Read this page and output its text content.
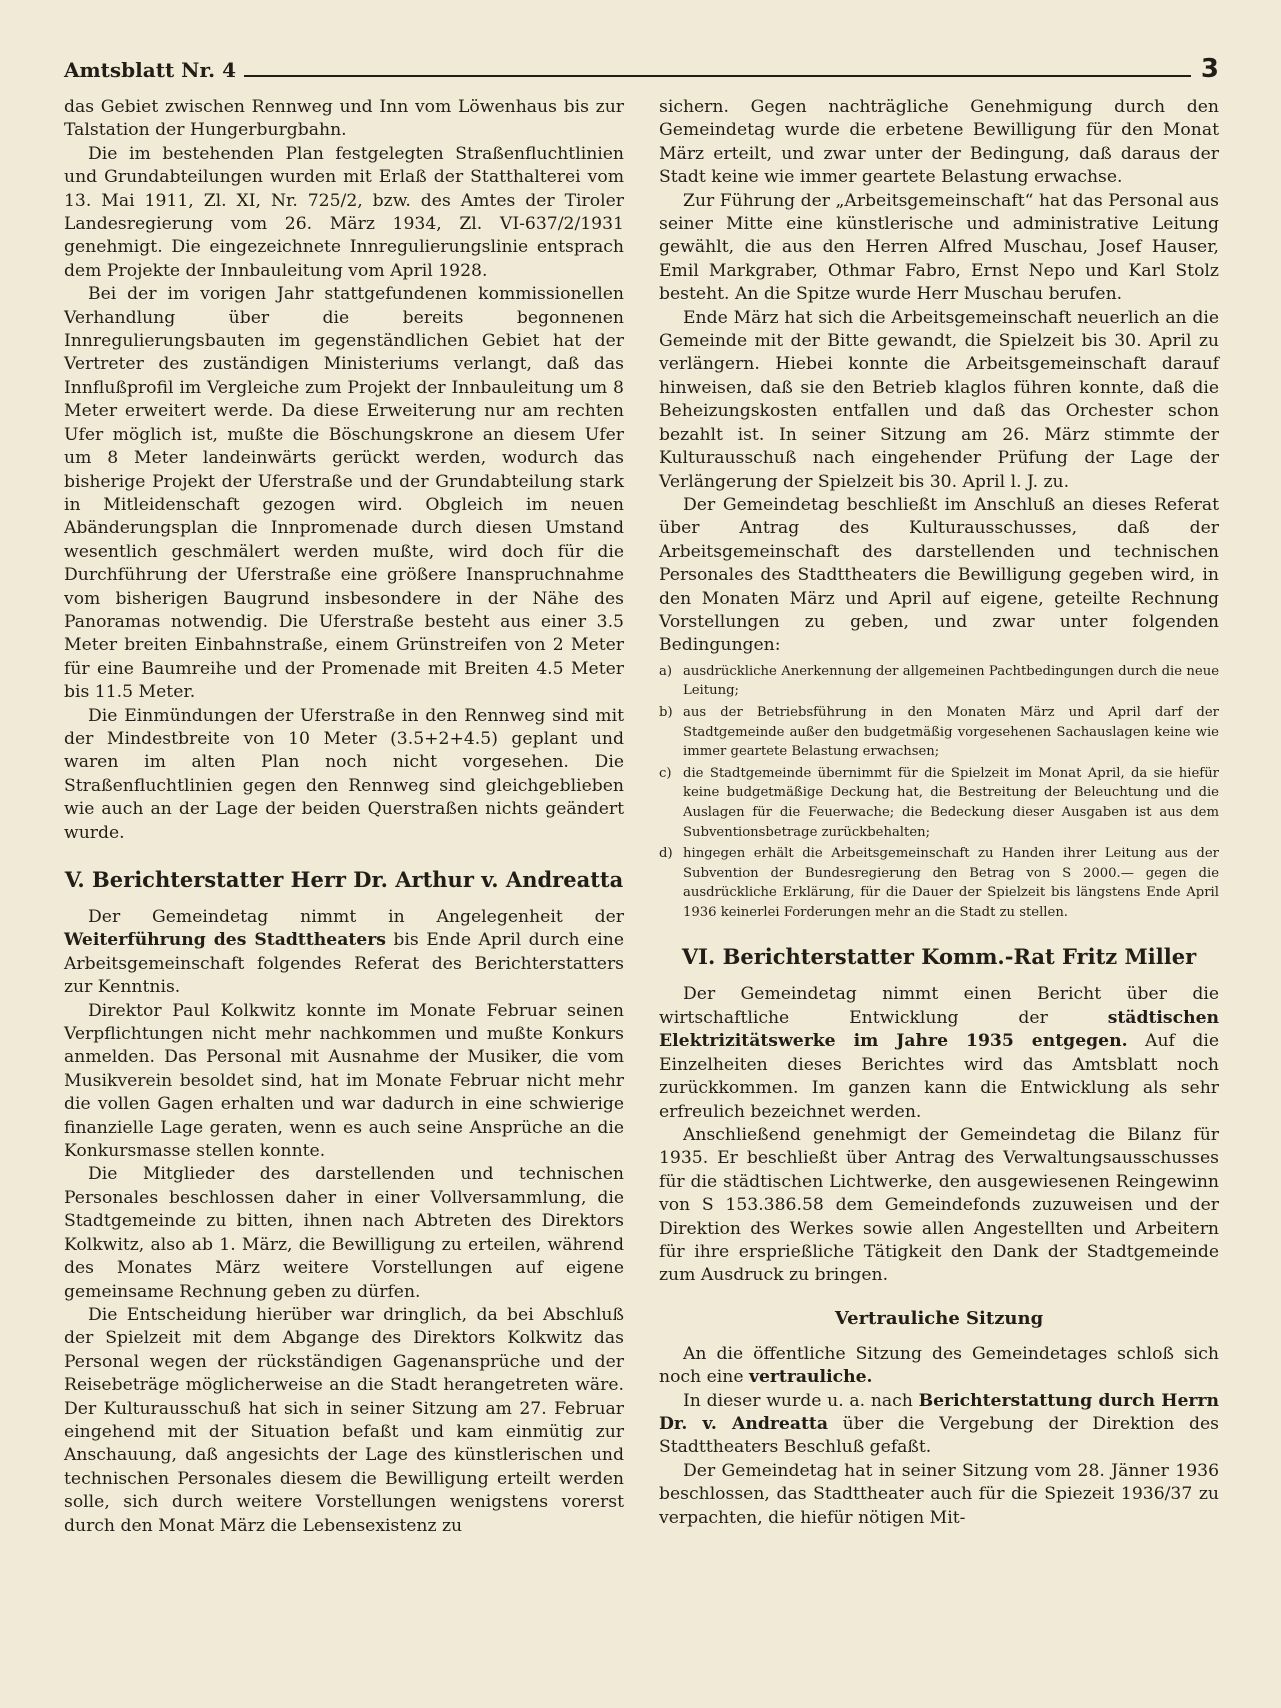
Amtsblatt Nr. 4	3

das Gebiet zwischen Rennweg und Inn vom Löwenhaus bis zur Talstation der Hungerburgbahn.

Die im bestehenden Plan festgelegten Straßenfluchtlinien und Grundabteilungen wurden mit Erlaß der Statthalterei vom 13. Mai 1911, Zl. XI, Nr. 725/2, bzw. des Amtes der Tiroler Landesregierung vom 26. März 1934, Zl. VI-637/2/1931 genehmigt. Die eingezeichnete Innregulierungslinie entsprach dem Projekte der Innbauleitung vom April 1928.

Bei der im vorigen Jahr stattgefundenen kommissionellen Verhandlung über die bereits begonnenen Innregulierungsbauten im gegenständlichen Gebiet hat der Vertreter des zuständigen Ministeriums verlangt, daß das Innflußprofil im Vergleiche zum Projekt der Innbauleitung um 8 Meter erweitert werde. Da diese Erweiterung nur am rechten Ufer möglich ist, mußte die Böschungskrone an diesem Ufer um 8 Meter landeinwärts gerückt werden, wodurch das bisherige Projekt der Uferstraße und der Grundabteilung stark in Mitleidenschaft gezogen wird. Obgleich im neuen Abänderungsplan die Innpromenade durch diesen Umstand wesentlich geschmälert werden mußte, wird doch für die Durchführung der Uferstraße eine größere Inanspruchnahme vom bisherigen Baugrund insbesondere in der Nähe des Panoramas notwendig. Die Uferstraße besteht aus einer 3.5 Meter breiten Einbahnstraße, einem Grünstreifen von 2 Meter für eine Baumreihe und der Promenade mit Breiten 4.5 Meter bis 11.5 Meter.

Die Einmündungen der Uferstraße in den Rennweg sind mit der Mindestbreite von 10 Meter (3.5+2+4.5) geplant und waren im alten Plan noch nicht vorgesehen. Die Straßenfluchtlinien gegen den Rennweg sind gleichgeblieben wie auch an der Lage der beiden Querstraßen nichts geändert wurde.

V. Berichterstatter Herr Dr. Arthur v. Andreatta

Der Gemeindetag nimmt in Angelegenheit der Weiterführung des Stadttheaters bis Ende April durch eine Arbeitsgemeinschaft folgendes Referat des Berichterstatters zur Kenntnis.

Direktor Paul Kolkwitz konnte im Monate Februar seinen Verpflichtungen nicht mehr nachkommen und mußte Konkurs anmelden. Das Personal mit Ausnahme der Musiker, die vom Musikverein besoldet sind, hat im Monate Februar nicht mehr die vollen Gagen erhalten und war dadurch in eine schwierige finanzielle Lage geraten, wenn es auch seine Ansprüche an die Konkursmasse stellen konnte.

Die Mitglieder des darstellenden und technischen Personales beschlossen daher in einer Vollversammlung, die Stadtgemeinde zu bitten, ihnen nach Abtreten des Direktors Kolkwitz, also ab 1. März, die Bewilligung zu erteilen, während des Monates März weitere Vorstellungen auf eigene gemeinsame Rechnung geben zu dürfen.

Die Entscheidung hierüber war dringlich, da bei Abschluß der Spielzeit mit dem Abgange des Direktors Kolkwitz das Personal wegen der rückständigen Gagenansprüche und der Reisebeträge möglicherweise an die Stadt herangetreten wäre. Der Kulturausschuß hat sich in seiner Sitzung am 27. Februar eingehend mit der Situation befaßt und kam einmütig zur Anschauung, daß angesichts der Lage des künstlerischen und technischen Personales diesem die Bewilligung erteilt werden solle, sich durch weitere Vorstellungen wenigstens vorerst durch den Monat März die Lebensexistenz zu

sichern. Gegen nachträgliche Genehmigung durch den Gemeindetag wurde die erbetene Bewilligung für den Monat März erteilt, und zwar unter der Bedingung, daß daraus der Stadt keine wie immer geartete Belastung erwachse.

Zur Führung der „Arbeitsgemeinschaft“ hat das Personal aus seiner Mitte eine künstlerische und administrative Leitung gewählt, die aus den Herren Alfred Muschau, Josef Hauser, Emil Markgraber, Othmar Fabro, Ernst Nepo und Karl Stolz besteht. An die Spitze wurde Herr Muschau berufen.

Ende März hat sich die Arbeitsgemeinschaft neuerlich an die Gemeinde mit der Bitte gewandt, die Spielzeit bis 30. April zu verlängern. Hiebei konnte die Arbeitsgemeinschaft darauf hinweisen, daß sie den Betrieb klaglos führen konnte, daß die Beheizungskosten entfallen und daß das Orchester schon bezahlt ist. In seiner Sitzung am 26. März stimmte der Kulturausschuß nach eingehender Prüfung der Lage der Verlängerung der Spielzeit bis 30. April l. J. zu.

Der Gemeindetag beschließt im Anschluß an dieses Referat über Antrag des Kulturausschusses, daß der Arbeitsgemeinschaft des darstellenden und technischen Personales des Stadttheaters die Bewilligung gegeben wird, in den Monaten März und April auf eigene, geteilte Rechnung Vorstellungen zu geben, und zwar unter folgenden Bedingungen:

a) ausdrückliche Anerkennung der allgemeinen Pachtbedingungen durch die neue Leitung;
b) aus der Betriebsführung in den Monaten März und April darf der Stadtgemeinde außer den budgetmäßig vorgesehenen Sachauslagen keine wie immer geartete Belastung erwachsen;
c) die Stadtgemeinde übernimmt für die Spielzeit im Monat April, da sie hiefür keine budgetmäßige Deckung hat, die Bestreitung der Beleuchtung und die Auslagen für die Feuerwache; die Bedeckung dieser Ausgaben ist aus dem Subventionsbetrage zurückbehalten;
d) hingegen erhält die Arbeitsgemeinschaft zu Handen ihrer Leitung aus der Subvention der Bundesregierung den Betrag von S 2000.— gegen die ausdrückliche Erklärung, für die Dauer der Spielzeit bis längstens Ende April 1936 keinerlei Forderungen mehr an die Stadt zu stellen.
VI. Berichterstatter Komm.-Rat Fritz Miller

Der Gemeindetag nimmt einen Bericht über die wirtschaftliche Entwicklung der städtischen Elektrizitätswerke im Jahre 1935 entgegen. Auf die Einzelheiten dieses Berichtes wird das Amtsblatt noch zurückkommen. Im ganzen kann die Entwicklung als sehr erfreulich bezeichnet werden.

Anschließend genehmigt der Gemeindetag die Bilanz für 1935. Er beschließt über Antrag des Verwaltungsausschusses für die städtischen Lichtwerke, den ausgewiesenen Reingewinn von S 153.386.58 dem Gemeindefonds zuzuweisen und der Direktion des Werkes sowie allen Angestellten und Arbeitern für ihre ersprießliche Tätigkeit den Dank der Stadtgemeinde zum Ausdruck zu bringen.

Vertrauliche Sitzung

An die öffentliche Sitzung des Gemeindetages schloß sich noch eine vertrauliche.

In dieser wurde u. a. nach Berichterstattung durch Herrn Dr. v. Andreatta über die Vergebung der Direktion des Stadttheaters Beschluß gefaßt.

Der Gemeindetag hat in seiner Sitzung vom 28. Jänner 1936 beschlossen, das Stadttheater auch für die Spiezeit 1936/37 zu verpachten, die hiefür nötigen Mit-
